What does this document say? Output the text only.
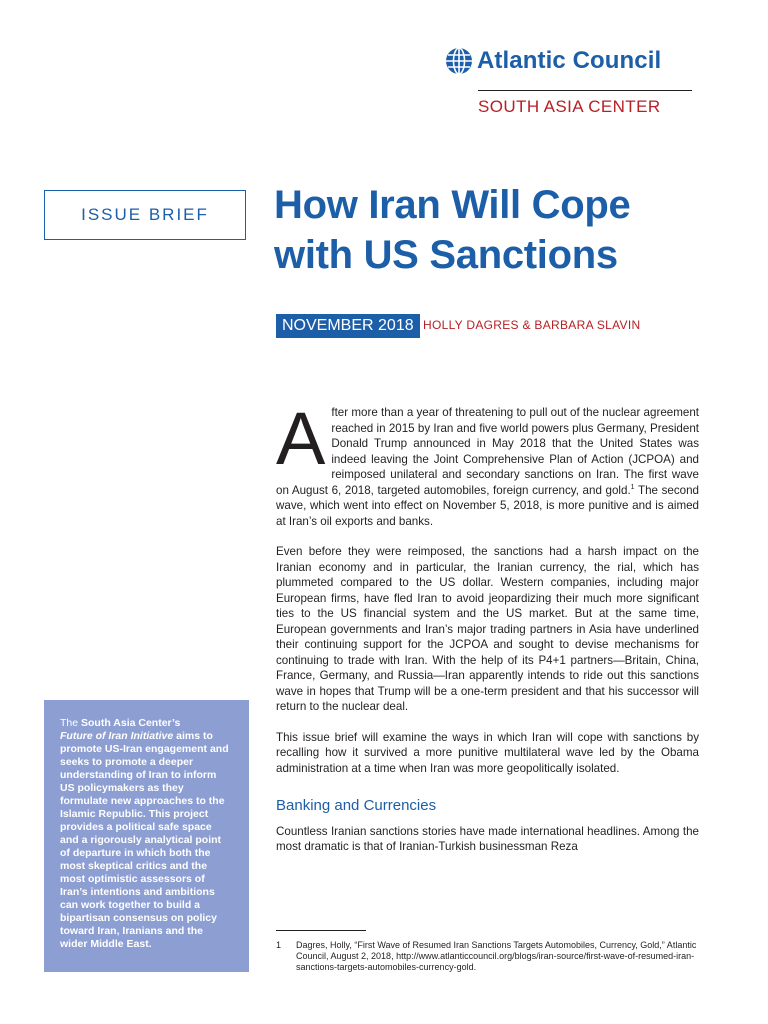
Atlantic Council
SOUTH ASIA CENTER
ISSUE BRIEF How Iran Will Cope
with US Sanctions
NOVEMBER 2018 HOLLY DAGRES & BARBARA SLAVIN

After more than a year of threatening to pull out of the nuclear agreement reached in 2015 by Iran and five world powers plus Germany, President Donald Trump announced in May 2018 that the United States was indeed leaving the Joint Comprehensive Plan of Action (JCPOA) and reimposed unilateral and secondary sanctions on Iran. The first wave on August 6, 2018, targeted automobiles, foreign currency, and gold.$^1$ The second wave, which went into effect on November 5, 2018, is more punitive and is aimed at Iran’s oil exports and banks.

Even before they were reimposed, the sanctions had a harsh impact on the Iranian economy and in particular, the Iranian currency, the rial, which has plummeted compared to the US dollar. Western companies, including major European firms, have fled Iran to avoid jeopardizing their much more significant ties to the US financial system and the US market. But at the same time, European governments and Iran’s major trading partners in Asia have underlined their continuing support for the JCPOA and sought to devise mechanisms for continuing to trade with Iran. With the help of its P4+1 partners—Britain, China, France, Germany, and Russia—Iran apparently intends to ride out this sanctions wave in hopes that Trump will be a one-term president and that his successor will return to the nuclear deal.

This issue brief will examine the ways in which Iran will cope with sanctions by recalling how it survived a more punitive multilateral wave led by the Obama administration at a time when Iran was more geopolitically isolated.

Banking and Currencies

Countless Iranian sanctions stories have made international headlines. Among the most dramatic is that of Iranian-Turkish businessman Reza

1	Dagres, Holly, “First Wave of Resumed Iran Sanctions Targets Automobiles, Currency, Gold,” Atlantic Council, August 2, 2018, http://www.atlanticcouncil.org/blogs/iran-source/first-wave-of-resumed-iran-sanctions-targets-automobiles-currency-gold.
The South Asia Center’s
Future of Iran Initiative aims to promote US-Iran engagement and seeks to promote a deeper understanding of Iran to inform US policymakers as they formulate new approaches to the Islamic Republic. This project provides a political safe space and a rigorously analytical point of departure in which both the most skeptical critics and the most optimistic assessors of Iran’s intentions and ambitions can work together to build a bipartisan consensus on policy toward Iran, Iranians and the wider Middle East.
